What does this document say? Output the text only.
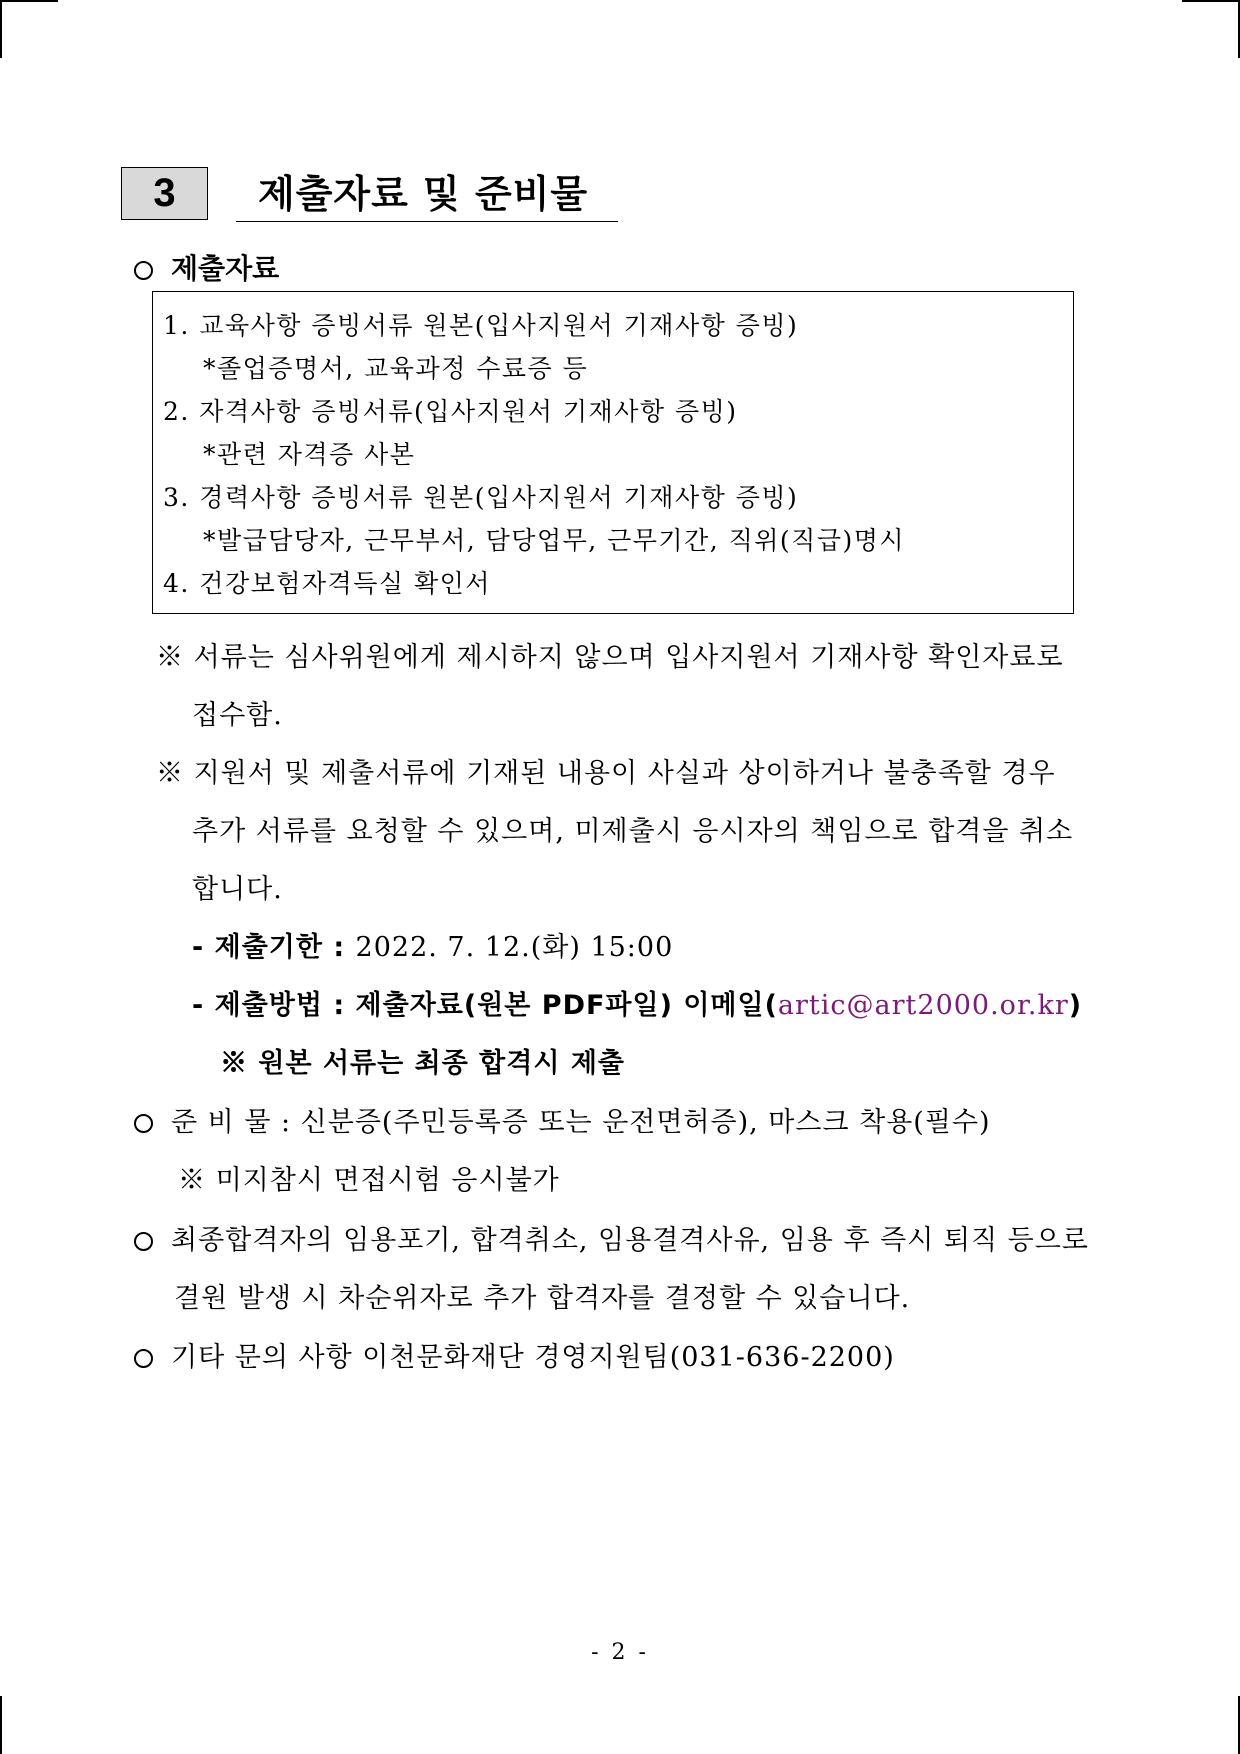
3	제출자료 및 준비물
제출자료
1. 교육사항 증빙서류 원본(입사지원서 기재사항 증빙)
*졸업증명서, 교육과정 수료증 등
2. 자격사항 증빙서류(입사지원서 기재사항 증빙)
*관련 자격증 사본
3. 경력사항 증빙서류 원본(입사지원서 기재사항 증빙)
*발급담당자, 근무부서, 담당업무, 근무기간, 직위(직급)명시
4. 건강보험자격득실 확인서
※ 서류는 심사위원에게 제시하지 않으며 입사지원서 기재사항 확인자료로
접수함.
※ 지원서 및 제출서류에 기재된 내용이 사실과 상이하거나 불충족할 경우
추가 서류를 요청할 수 있으며, 미제출시 응시자의 책임으로 합격을 취소
합니다.
- 제출기한 : 2022. 7. 12.(화) 15:00
- 제출방법 : 제출자료(원본 PDF파일) 이메일(artic@art2000.or.kr)
※ 원본 서류는 최종 합격시 제출
준 비 물 : 신분증(주민등록증 또는 운전면허증), 마스크 착용(필수)
※ 미지참시 면접시험 응시불가
최종합격자의 임용포기, 합격취소, 임용결격사유, 임용 후 즉시 퇴직 등으로
결원 발생 시 차순위자로 추가 합격자를 결정할 수 있습니다.
기타 문의 사항 이천문화재단 경영지원팀(031-636-2200)
- 2 -
